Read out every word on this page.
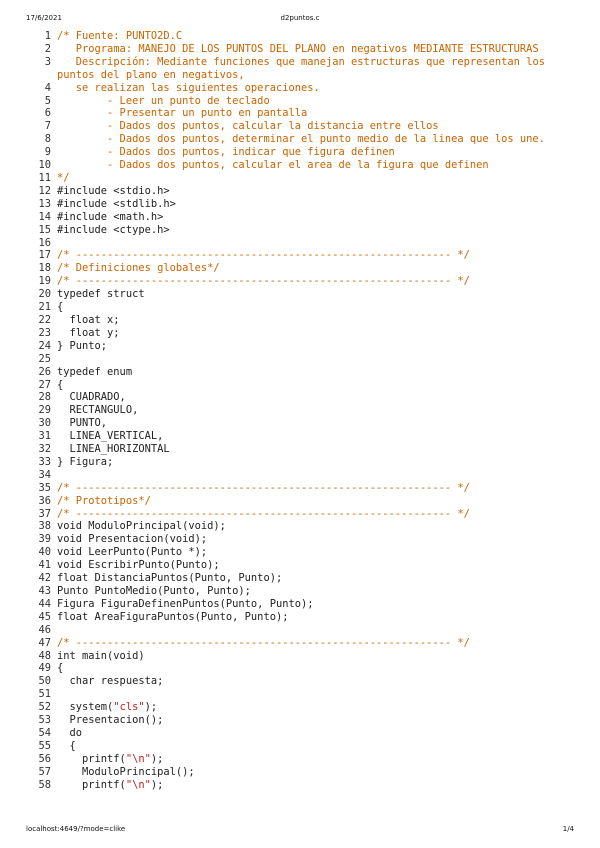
17/6/2021	d2puntos.c
1 /* Fuente: PUNTO2D.C
2 Programa: MANEJO DE LOS PUNTOS DEL PLANO en negativos MEDIANTE ESTRUCTURAS
3 Descripción: Mediante funciones que manejan estructuras que representan los puntos del plano en negativos,
4 se realizan las siguientes operaciones.
5 - Leer un punto de teclado
6 - Presentar un punto en pantalla
7 - Dados dos puntos, calcular la distancia entre ellos
8 - Dados dos puntos, determinar el punto medio de la linea que los une.
9 - Dados dos puntos, indicar que figura definen
10 - Dados dos puntos, calcular el area de la figura que definen
11 */
12 #include <stdio.h>
13 #include <stdlib.h>
14 #include <math.h>
15 #include <ctype.h>
16
17 /* ------------------------------------------------------------ */
18 /* Definiciones globales*/
19 /* ------------------------------------------------------------ */
20 typedef struct
21 {
22 float x;
23 float y;
24 } Punto;
25
26 typedef enum
27 {
28 CUADRADO,
29 RECTANGULO,
30 PUNTO,
31 LINEA_VERTICAL,
32 LINEA_HORIZONTAL
33 } Figura;
34
35 /* ------------------------------------------------------------ */
36 /* Prototipos*/
37 /* ------------------------------------------------------------ */
38 void ModuloPrincipal(void);
39 void Presentacion(void);
40 void LeerPunto(Punto *);
41 void EscribirPunto(Punto);
42 float DistanciaPuntos(Punto, Punto);
43 Punto PuntoMedio(Punto, Punto);
44 Figura FiguraDefinenPuntos(Punto, Punto);
45 float AreaFiguraPuntos(Punto, Punto);
46
47 /* ------------------------------------------------------------ */
48 int main(void)
49 {
50 char respuesta;
51
52 system("cls");
53 Presentacion();
54 do
55 {
56 printf("\n");
57 ModuloPrincipal();
58 printf("\n");
localhost:4649/?mode=clike	1/4
